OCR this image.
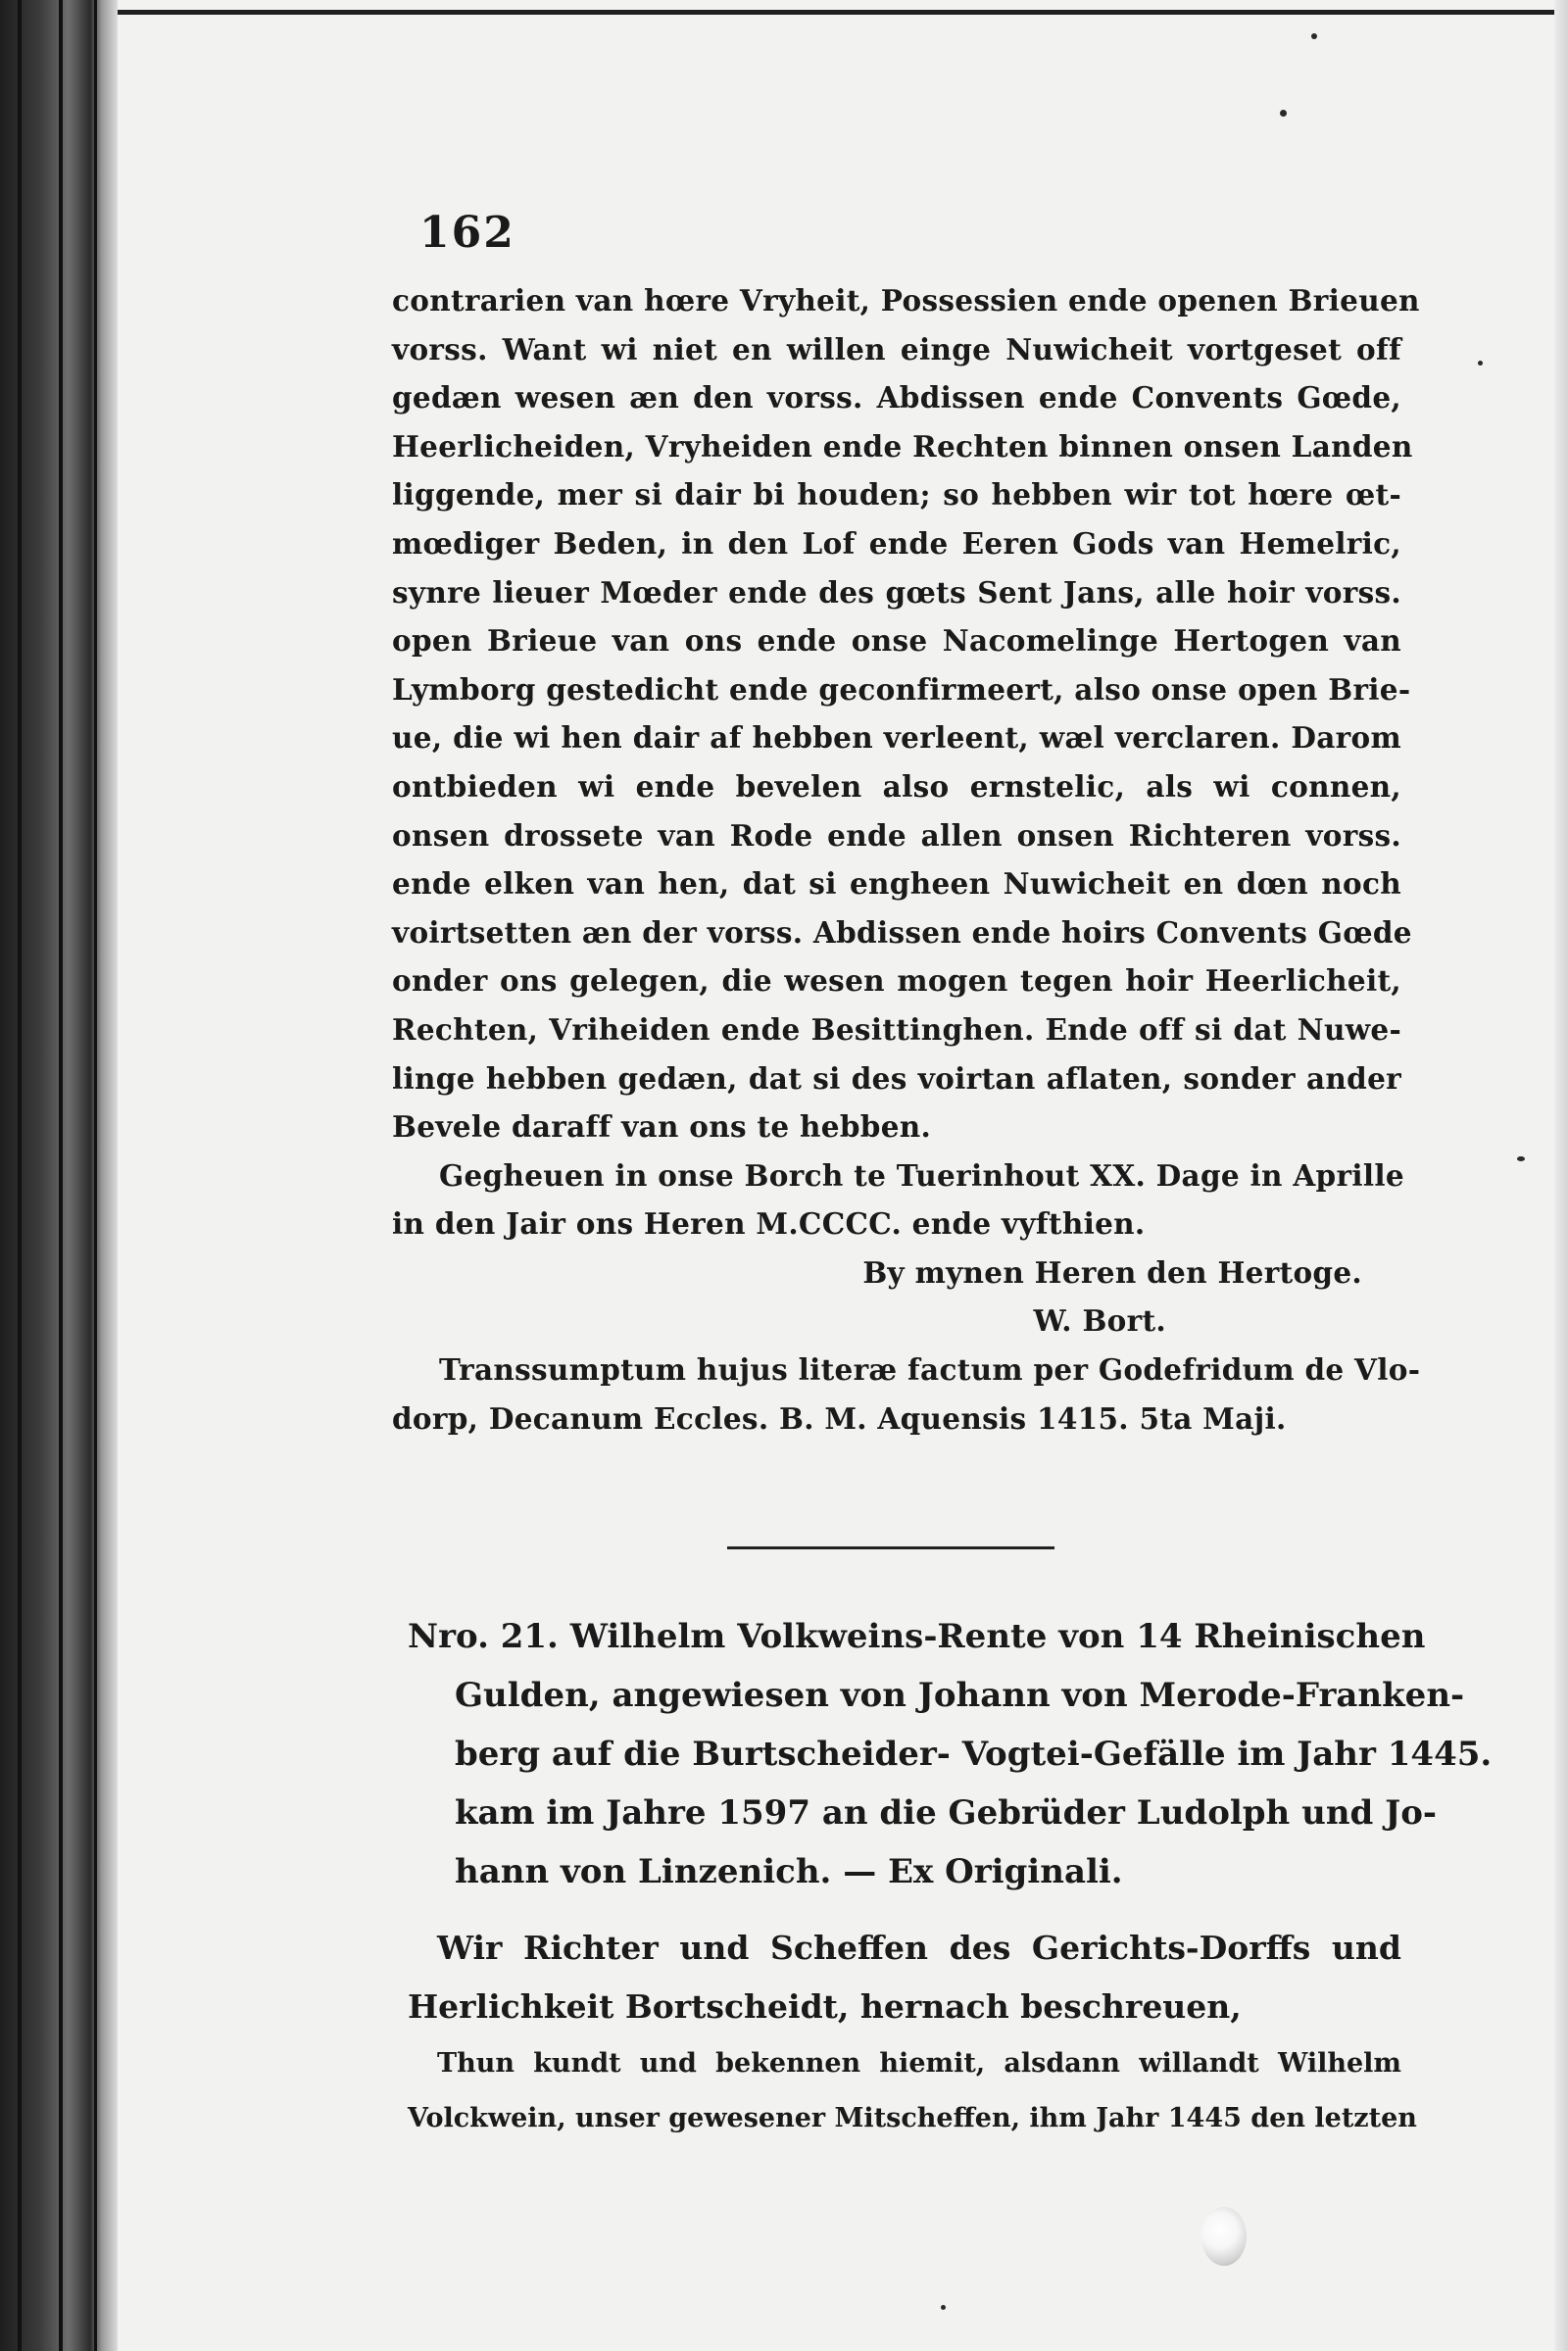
162
contrarien van hœre Vryheit, Possessien ende openen Brieuen
vorss. Want wi niet en willen einge Nuwicheit vortgeset off
gedæn wesen æn den vorss. Abdissen ende Convents Gœde,
Heerlicheiden, Vryheiden ende Rechten binnen onsen Landen
liggende, mer si dair bi houden; so hebben wir tot hœre œt-
mœdiger Beden, in den Lof ende Eeren Gods van Hemelric,
synre lieuer Mœder ende des gœts Sent Jans, alle hoir vorss.
open Brieue van ons ende onse Nacomelinge Hertogen van
Lymborg gestedicht ende geconfirmeert, also onse open Brie-
ue, die wi hen dair af hebben verleent, wæl verclaren. Darom
ontbieden wi ende bevelen also ernstelic, als wi connen,
onsen drossete van Rode ende allen onsen Richteren vorss.
ende elken van hen, dat si engheen Nuwicheit en dœn noch
voirtsetten æn der vorss. Abdissen ende hoirs Convents Gœde
onder ons gelegen, die wesen mogen tegen hoir Heerlicheit,
Rechten, Vriheiden ende Besittinghen. Ende off si dat Nuwe-
linge hebben gedæn, dat si des voirtan aflaten, sonder ander
Bevele daraff van ons te hebben.
Gegheuen in onse Borch te Tuerinhout XX. Dage in Aprille
in den Jair ons Heren M.CCCC. ende vyfthien.
By mynen Heren den Hertoge.
W. Bort.
Transsumptum hujus literæ factum per Godefridum de Vlo-
dorp, Decanum Eccles. B. M. Aquensis 1415. 5ta Maji.
Nro. 21. Wilhelm Volkweins-Rente von 14 Rheinischen
Gulden, angewiesen von Johann von Merode-Franken-
berg auf die Burtscheider- Vogtei-Gefälle im Jahr 1445.
kam im Jahre 1597 an die Gebrüder Ludolph und Jo-
hann von Linzenich. — Ex Originali.
Wir Richter und Scheffen des Gerichts-Dorffs und
Herlichkeit Bortscheidt, hernach beschreuen,
Thun kundt und bekennen hiemit, alsdann willandt Wilhelm
Volckwein, unser gewesener Mitscheffen, ihm Jahr 1445 den letzten
